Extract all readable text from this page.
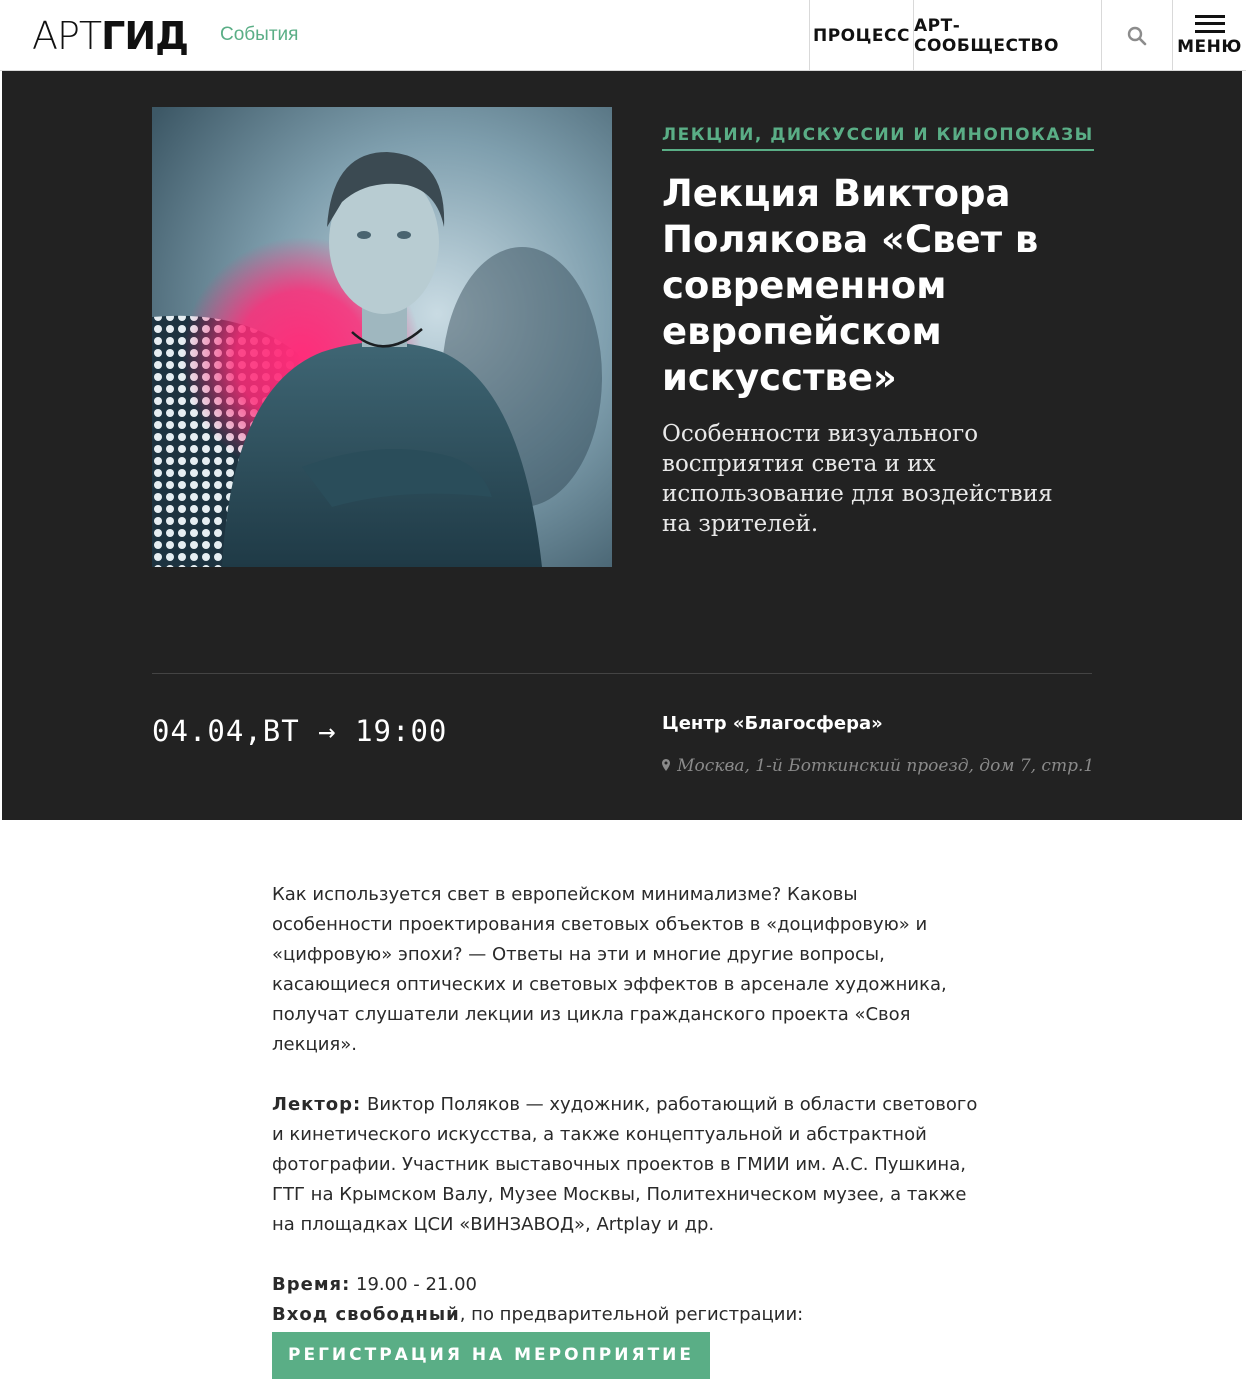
АРТГИД События	ПРОЦЕСС АРТ-СООБЩЕСТВО	МЕНЮ
ЛЕКЦИИ, ДИСКУССИИ И КИНОПОКАЗЫ
Лекция Виктора Полякова «Свет в современном европейском искусстве»
Особенности визуального восприятия света и их использование для воздействия на зрителей.
04.04,ВТ → 19:00	Центр «Благосфера»
Москва, 1-й Боткинский проезд, дом 7, стр.1

Как используется свет в европейском минимализме? Каковы особенности проектирования световых объектов в «доцифровую» и «цифровую» эпохи? — Ответы на эти и многие другие вопросы, касающиеся оптических и световых эффектов в арсенале художника, получат слушатели лекции из цикла гражданского проекта «Своя лекция».

Лектор: Виктор Поляков — художник, работающий в области светового и кинетического искусства, а также концептуальной и абстрактной фотографии. Участник выставочных проектов в ГМИИ им. А.С. Пушкина, ГТГ на Крымском Валу, Музее Москвы, Политехническом музее, а также на площадках ЦСИ «ВИНЗАВОД», Artplay и др.

Время: 19.00 - 21.00
Вход свободный, по предварительной регистрации:
РЕГИСТРАЦИЯ НА МЕРОПРИЯТИЕ
